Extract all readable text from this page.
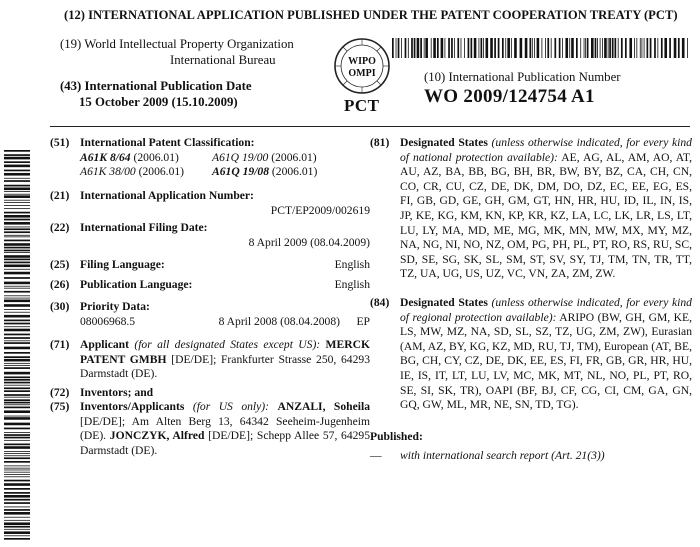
(12) INTERNATIONAL APPLICATION PUBLISHED UNDER THE PATENT COOPERATION TREATY (PCT)
(19) World Intellectual Property Organization
International Bureau
(43) International Publication Date
15 October 2009 (15.10.2009)
WIPO
OMPI
PCT
(10) International Publication Number
WO 2009/124754 A1
(51) International Patent Classification:
A61K 8/64 (2006.01)	A61Q 19/00 (2006.01)
A61K 38/00 (2006.01)	A61Q 19/08 (2006.01)
(21) International Application Number:
PCT/EP2009/002619
(22) International Filing Date:
8 April 2009 (08.04.2009)
(25) Filing Language:	English
(26) Publication Language:	English
(30) Priority Data:
08006968.5	8 April 2008 (08.04.2008)	EP
(71) Applicant (for all designated States except US): MERCK PATENT GMBH [DE/DE]; Frankfurter Strasse 250, 64293 Darmstadt (DE).
(72) Inventors; and
(75) Inventors/Applicants (for US only): ANZALI, Soheila [DE/DE]; Am Alten Berg 13, 64342 Seeheim-Jugenheim (DE). JONCZYK, Alfred [DE/DE]; Schepp Allee 57, 64295 Darmstadt (DE).
(81) Designated States (unless otherwise indicated, for every kind of national protection available): AE, AG, AL, AM, AO, AT, AU, AZ, BA, BB, BG, BH, BR, BW, BY, BZ, CA, CH, CN, CO, CR, CU, CZ, DE, DK, DM, DO, DZ, EC, EE, EG, ES, FI, GB, GD, GE, GH, GM, GT, HN, HR, HU, ID, IL, IN, IS, JP, KE, KG, KM, KN, KP, KR, KZ, LA, LC, LK, LR, LS, LT, LU, LY, MA, MD, ME, MG, MK, MN, MW, MX, MY, MZ, NA, NG, NI, NO, NZ, OM, PG, PH, PL, PT, RO, RS, RU, SC, SD, SE, SG, SK, SL, SM, ST, SV, SY, TJ, TM, TN, TR, TT, TZ, UA, UG, US, UZ, VC, VN, ZA, ZM, ZW.
(84) Designated States (unless otherwise indicated, for every kind of regional protection available): ARIPO (BW, GH, GM, KE, LS, MW, MZ, NA, SD, SL, SZ, TZ, UG, ZM, ZW), Eurasian (AM, AZ, BY, KG, KZ, MD, RU, TJ, TM), European (AT, BE, BG, CH, CY, CZ, DE, DK, EE, ES, FI, FR, GB, GR, HR, HU, IE, IS, IT, LT, LU, LV, MC, MK, MT, NL, NO, PL, PT, RO, SE, SI, SK, TR), OAPI (BF, BJ, CF, CG, CI, CM, GA, GN, GQ, GW, ML, MR, NE, SN, TD, TG).
Published:
—	with international search report (Art. 21(3))
